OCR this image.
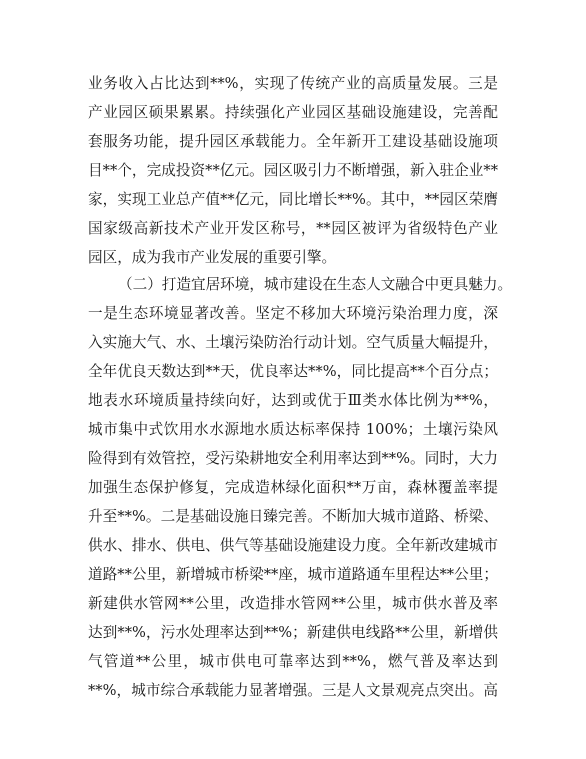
业务收入占比达到**%，实现了传统产业的高质量发展。三是
产业园区硕果累累。持续强化产业园区基础设施建设，完善配
套服务功能，提升园区承载能力。全年新开工建设基础设施项
目**个，完成投资**亿元。园区吸引力不断增强，新入驻企业**
家，实现工业总产值**亿元，同比增长**%。其中，**园区荣膺
国家级高新技术产业开发区称号，**园区被评为省级特色产业
园区，成为我市产业发展的重要引擎。
（二）打造宜居环境，城市建设在生态人文融合中更具魅力。
一是生态环境显著改善。坚定不移加大环境污染治理力度，深
入实施大气、水、土壤污染防治行动计划。空气质量大幅提升，
全年优良天数达到**天，优良率达**%，同比提高**个百分点；
地表水环境质量持续向好，达到或优于Ⅲ类水体比例为**%，
城市集中式饮用水水源地水质达标率保持 100%；土壤污染风
险得到有效管控，受污染耕地安全利用率达到**%。同时，大力
加强生态保护修复，完成造林绿化面积**万亩，森林覆盖率提
升至**%。二是基础设施日臻完善。不断加大城市道路、桥梁、
供水、排水、供电、供气等基础设施建设力度。全年新改建城市
道路**公里，新增城市桥梁**座，城市道路通车里程达**公里；
新建供水管网**公里，改造排水管网**公里，城市供水普及率
达到**%，污水处理率达到**%；新建供电线路**公里，新增供
气管道**公里，城市供电可靠率达到**%，燃气普及率达到
**%，城市综合承载能力显著增强。三是人文景观亮点突出。高
